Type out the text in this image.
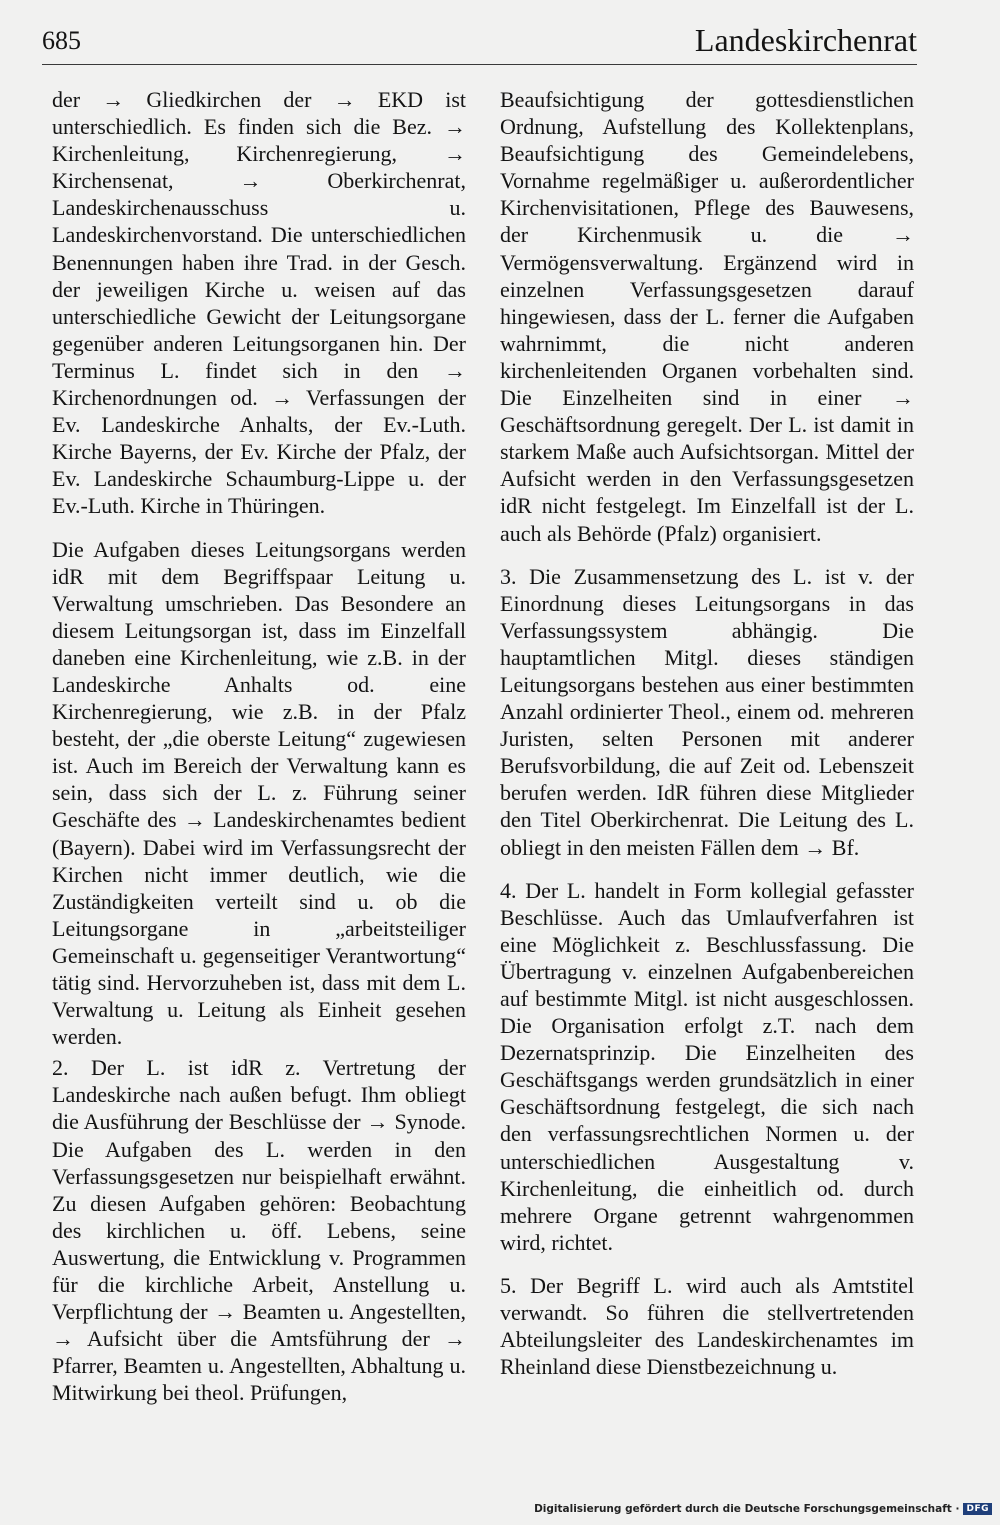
685	Landeskirchenrat

der → Gliedkirchen der → EKD ist unterschiedlich. Es finden sich die Bez. → Kirchenleitung, Kirchenregierung, → Kirchensenat, → Oberkirchenrat, Landeskirchenausschuss u. Landeskirchenvorstand. Die unterschiedlichen Benennungen haben ihre Trad. in der Gesch. der jeweiligen Kirche u. weisen auf das unterschiedliche Gewicht der Leitungsorgane gegenüber anderen Leitungsorganen hin. Der Terminus L. findet sich in den → Kirchenordnungen od. → Verfassungen der Ev. Landeskirche Anhalts, der Ev.-Luth. Kirche Bayerns, der Ev. Kirche der Pfalz, der Ev. Landeskirche Schaumburg-Lippe u. der Ev.-Luth. Kirche in Thüringen.

Die Aufgaben dieses Leitungsorgans werden idR mit dem Begriffspaar Leitung u. Verwaltung umschrieben. Das Besondere an diesem Leitungsorgan ist, dass im Einzelfall daneben eine Kirchenleitung, wie z.B. in der Landeskirche Anhalts od. eine Kirchenregierung, wie z.B. in der Pfalz besteht, der „die oberste Leitung“ zugewiesen ist. Auch im Bereich der Verwaltung kann es sein, dass sich der L. z. Führung seiner Geschäfte des → Landeskirchenamtes bedient (Bayern). Dabei wird im Verfassungsrecht der Kirchen nicht immer deutlich, wie die Zuständigkeiten verteilt sind u. ob die Leitungsorgane in „arbeitsteiliger Gemeinschaft u. gegenseitiger Verantwortung“ tätig sind. Hervorzuheben ist, dass mit dem L. Verwaltung u. Leitung als Einheit gesehen werden.

2. Der L. ist idR z. Vertretung der Landeskirche nach außen befugt. Ihm obliegt die Ausführung der Beschlüsse der → Synode. Die Aufgaben des L. werden in den Verfassungsgesetzen nur beispielhaft erwähnt. Zu diesen Aufgaben gehören: Beobachtung des kirchlichen u. öff. Lebens, seine Auswertung, die Entwicklung v. Programmen für die kirchliche Arbeit, Anstellung u. Verpflichtung der → Beamten u. Angestellten, → Aufsicht über die Amtsführung der → Pfarrer, Beamten u. Angestellten, Abhaltung u. Mitwirkung bei theol. Prüfungen,

Beaufsichtigung der gottesdienstlichen Ordnung, Aufstellung des Kollektenplans, Beaufsichtigung des Gemeindelebens, Vornahme regelmäßiger u. außerordentlicher Kirchenvisitationen, Pflege des Bauwesens, der Kirchenmusik u. die → Vermögensverwaltung. Ergänzend wird in einzelnen Verfassungsgesetzen darauf hingewiesen, dass der L. ferner die Aufgaben wahrnimmt, die nicht anderen kirchenleitenden Organen vorbehalten sind. Die Einzelheiten sind in einer → Geschäftsordnung geregelt. Der L. ist damit in starkem Maße auch Aufsichtsorgan. Mittel der Aufsicht werden in den Verfassungsgesetzen idR nicht festgelegt. Im Einzelfall ist der L. auch als Behörde (Pfalz) organisiert.

3. Die Zusammensetzung des L. ist v. der Einordnung dieses Leitungsorgans in das Verfassungssystem abhängig. Die hauptamtlichen Mitgl. dieses ständigen Leitungsorgans bestehen aus einer bestimmten Anzahl ordinierter Theol., einem od. mehreren Juristen, selten Personen mit anderer Berufsvorbildung, die auf Zeit od. Lebenszeit berufen werden. IdR führen diese Mitglieder den Titel Oberkirchenrat. Die Leitung des L. obliegt in den meisten Fällen dem → Bf.

4. Der L. handelt in Form kollegial gefasster Beschlüsse. Auch das Umlaufverfahren ist eine Möglichkeit z. Beschlussfassung. Die Übertragung v. einzelnen Aufgabenbereichen auf bestimmte Mitgl. ist nicht ausgeschlossen. Die Organisation erfolgt z.T. nach dem Dezernatsprinzip. Die Einzelheiten des Geschäftsgangs werden grundsätzlich in einer Geschäftsordnung festgelegt, die sich nach den verfassungsrechtlichen Normen u. der unterschiedlichen Ausgestaltung v. Kirchenleitung, die einheitlich od. durch mehrere Organe getrennt wahrgenommen wird, richtet.

5. Der Begriff L. wird auch als Amtstitel verwandt. So führen die stellvertretenden Abteilungsleiter des Landeskirchenamtes im Rheinland diese Dienstbezeichnung u.

Digitalisierung gefördert durch die Deutsche Forschungsgemeinschaft · DFG
